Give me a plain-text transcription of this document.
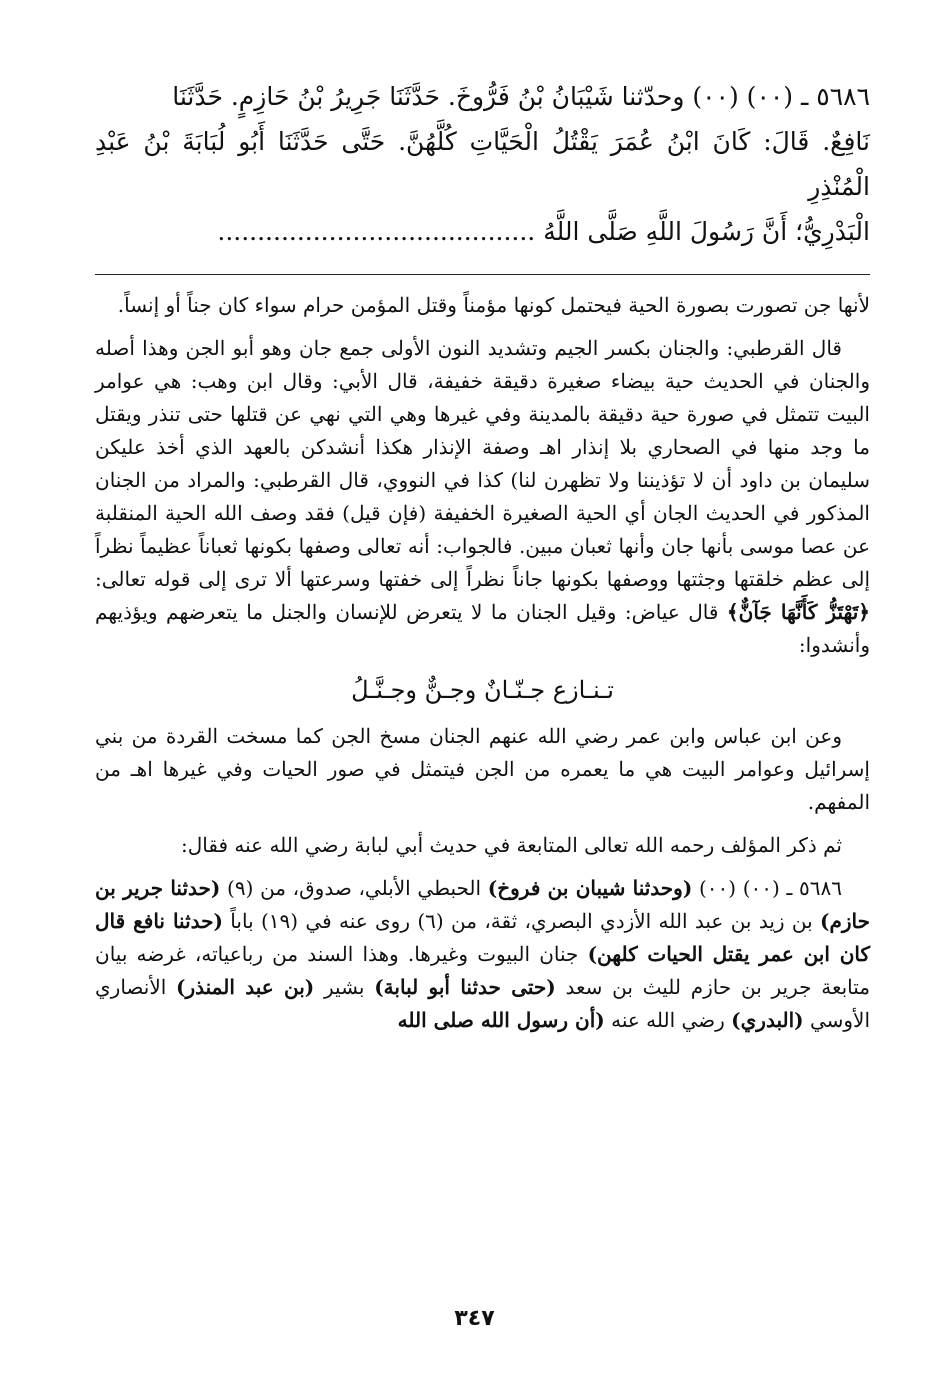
٥٦٨٦ ـ (٠٠) (٠٠) وحدّثنا شَيْبَانُ بْنُ فَرُّوخَ. حَدَّثَنَا جَرِيرُ بْنُ حَازِمٍ. حَدَّثَنَا

نَافِعٌ. قَالَ: كَانَ ابْنُ عُمَرَ يَقْتُلُ الْحَيَّاتِ كُلَّهُنَّ. حَتَّى حَدَّثَنَا أَبُو لُبَابَةَ بْنُ عَبْدِ الْمُنْذِرِ

الْبَدْرِيُّ؛ أَنَّ رَسُولَ اللَّهِ صَلَّى اللَّهُ ........................................

لأنها جن تصورت بصورة الحية فيحتمل كونها مؤمناً وقتل المؤمن حرام سواء كان جناً أو إنساً.

قال القرطبي: والجنان بكسر الجيم وتشديد النون الأولى جمع جان وهو أبو الجن وهذا أصله والجنان في الحديث حية بيضاء صغيرة دقيقة خفيفة، قال الأبي: وقال ابن وهب: هي عوامر البيت تتمثل في صورة حية دقيقة بالمدينة وفي غيرها وهي التي نهي عن قتلها حتى تنذر ويقتل ما وجد منها في الصحاري بلا إنذار اهـ وصفة الإنذار هكذا أنشدكن بالعهد الذي أخذ عليكن سليمان بن داود أن لا تؤذيننا ولا تظهرن لنا) كذا في النووي، قال القرطبي: والمراد من الجنان المذكور في الحديث الجان أي الحية الصغيرة الخفيفة (فإن قيل) فقد وصف الله الحية المنقلبة عن عصا موسى بأنها جان وأنها ثعبان مبين. فالجواب: أنه تعالى وصفها بكونها ثعباناً عظيماً نظراً إلى عظم خلقتها وجثتها ووصفها بكونها جاناً نظراً إلى خفتها وسرعتها ألا ترى إلى قوله تعالى: ﴿تَهْتَزُّ كَأَنَّهَا جَآنٌّ﴾ قال عياض: وقيل الجنان ما لا يتعرض للإنسان والجنل ما يتعرضهم ويؤذيهم وأنشدوا:

تـنـازع جـنّـانٌ وجـنٌّ وجـنَّـلُ

وعن ابن عباس وابن عمر رضي الله عنهم الجنان مسخ الجن كما مسخت القردة من بني إسرائيل وعوامر البيت هي ما يعمره من الجن فيتمثل في صور الحيات وفي غيرها اهـ من المفهم.

ثم ذكر المؤلف رحمه الله تعالى المتابعة في حديث أبي لبابة رضي الله عنه فقال:

٥٦٨٦ ـ (٠٠) (٠٠) (وحدثنا شيبان بن فروخ) الحبطي الأبلي، صدوق، من (٩) (حدثنا جرير بن حازم) بن زيد بن عبد الله الأزدي البصري، ثقة، من (٦) روى عنه في (١٩) باباً (حدثنا نافع قال كان ابن عمر يقتل الحيات كلهن) جنان البيوت وغيرها. وهذا السند من رباعياته، غرضه بيان متابعة جرير بن حازم لليث بن سعد (حتى حدثنا أبو لبابة) بشير (بن عبد المنذر) الأنصاري الأوسي (البدري) رضي الله عنه (أن رسول الله صلى الله

٣٤٧
